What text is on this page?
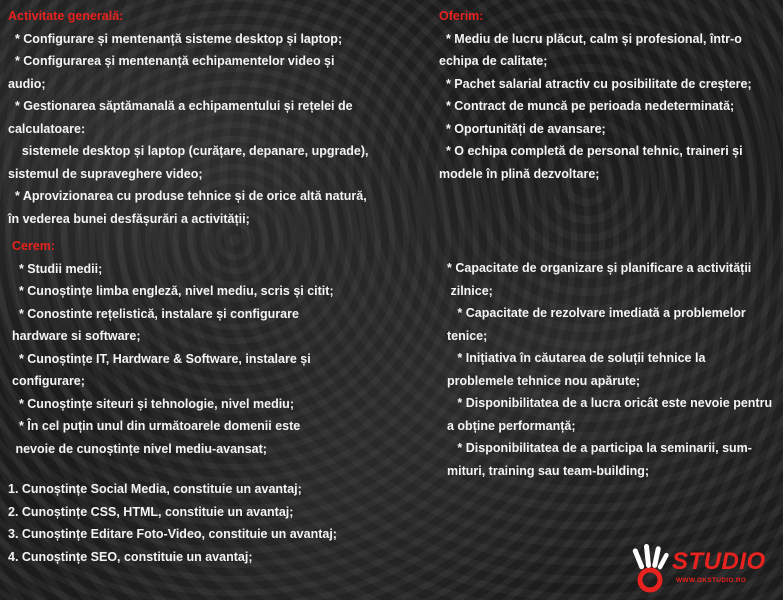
Activitate generală:

* Configurare și mentenanță sisteme desktop și laptop;

* Configurarea și mentenanță echipamentelor video și

audio;

* Gestionarea săptămanală a echipamentului și rețelei de

calculatoare:

sistemele desktop și laptop (curățare, depanare, upgrade),

sistemul de supraveghere video;

* Aprovizionarea cu produse tehnice și de orice altă natură,

în vederea bunei desfășurări a activității;

Oferim:

* Mediu de lucru plăcut, calm și profesional, într-o

echipa de calitate;

* Pachet salarial atractiv cu posibilitate de creștere;

* Contract de muncă pe perioada nedeterminată;

* Oportunități de avansare;

* O echipa completă de personal tehnic, traineri și

modele în plină dezvoltare;

Cerem:

* Studii medii;

* Cunoștințe limba engleză, nivel mediu, scris și citit;

* Conostinte rețelistică, instalare și configurare

hardware si software;

* Cunoștințe IT, Hardware & Software, instalare și

configurare;

* Cunoștințe siteuri și tehnologie, nivel mediu;

* În cel puțin unul din următoarele domenii este

nevoie de cunoștințe nivel mediu-avansat;

* Capacitate de organizare și planificare a activității

zilnice;

* Capacitate de rezolvare imediată a problemelor

tenice;

* Inițiativa în căutarea de soluții tehnice la

problemele tehnice nou apărute;

* Disponibilitatea de a lucra oricât este nevoie pentru

a obține performanță;

* Disponibilitatea de a participa la seminarii, sum-

mituri, training sau team-building;

1. Cunoștințe Social Media, constituie un avantaj;

2. Cunoștințe CSS, HTML, constituie un avantaj;

3. Cunoștințe Editare Foto-Video, constituie un avantaj;

4. Cunoștințe SEO, constituie un avantaj;	STUDIO
WWW.OKSTUDIO.RO
